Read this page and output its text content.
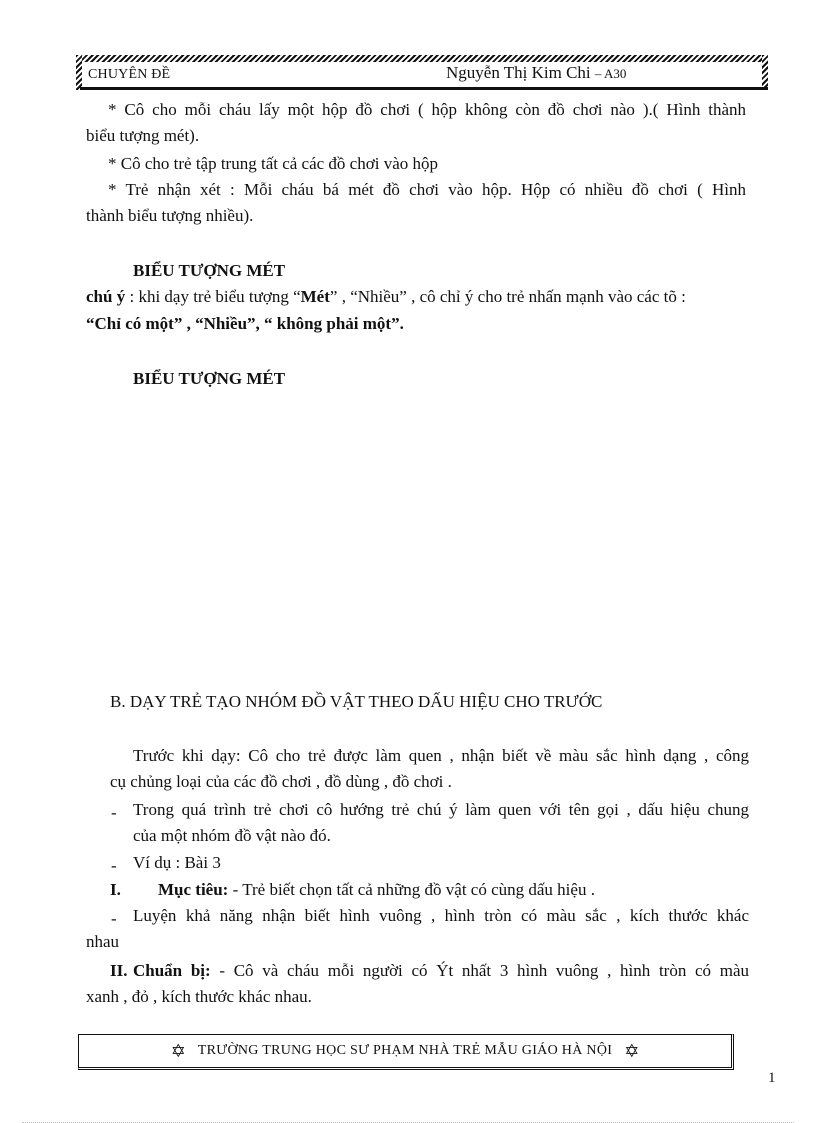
CHUYÊN ĐỀ	Nguyễn Thị Kim Chi – A30
* Cô cho mỗi cháu lấy một hộp đồ chơi ( hộp không còn đồ chơi nào ).( Hình thành
biểu tượng mét).
* Cô cho trẻ tập trung tất cả các đồ chơi vào hộp
* Trẻ nhận xét : Mỗi cháu bá mét đồ chơi vào hộp. Hộp có nhiều đồ chơi ( Hình
thành biểu tượng nhiều).
BIỂU TƯỢNG MÉT
chú ý : khi dạy trẻ biểu tượng “Mét” , “Nhiều” , cô chỉ ý cho trẻ nhấn mạnh vào các tõ :
“Chỉ có một” , “Nhiều”, “ không phải một”.
BIỂU TƯỢNG MÉT
B. DẠY TRẺ TẠO NHÓM ĐỒ VẬT THEO DẤU HIỆU CHO TRƯỚC
Trước khi dạy: Cô cho trẻ được làm quen , nhận biết về màu sắc hình dạng , công
cụ chủng loại của các đồ chơi , đồ dùng , đồ chơi .
- Trong quá trình trẻ chơi cô hướng trẻ chú ý làm quen với tên gọi , dấu hiệu chung
của một nhóm đồ vật nào đó.
- Ví dụ : Bài 3
I. Mục tiêu: - Trẻ biết chọn tất cả những đồ vật có cùng dấu hiệu .
- Luyện khả năng nhận biết hình vuông , hình tròn có màu sắc , kích thước khác
nhau
II. Chuẩn bị: - Cô và cháu mỗi người có Ýt nhất 3 hình vuông , hình tròn có màu
xanh , đỏ , kích thước khác nhau.
✡ TRƯỜNG TRUNG HỌC SƯ PHẠM NHÀ TRẺ MẪU GIÁO HÀ NỘI ✡
1
